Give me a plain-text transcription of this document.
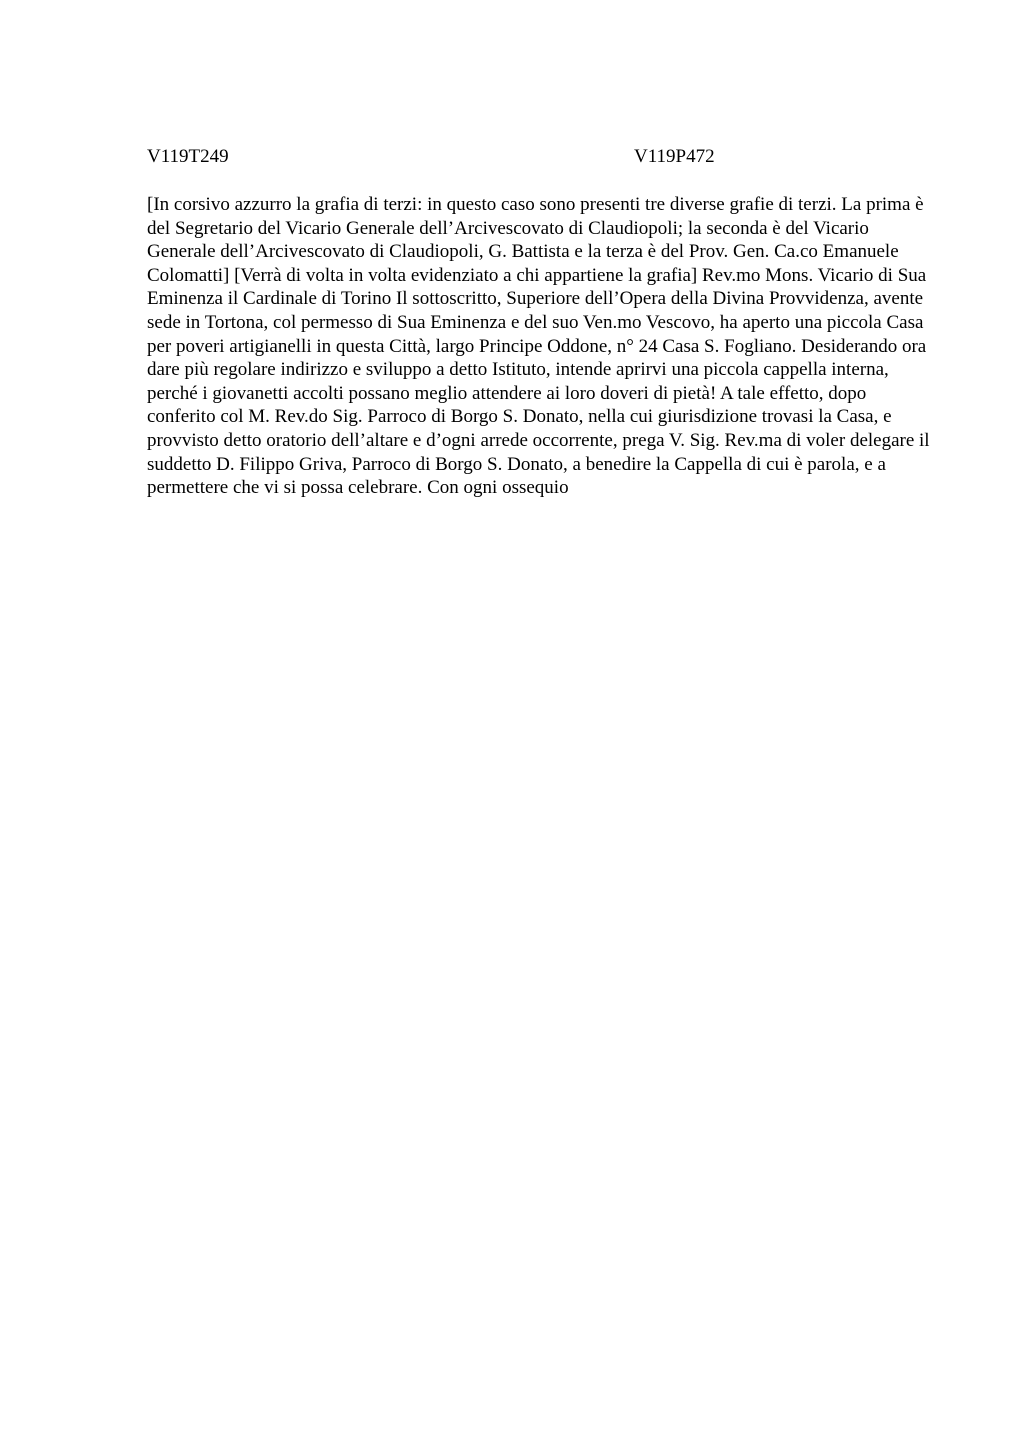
V119T249	V119P472

[In corsivo azzurro la grafia di terzi: in questo caso sono presenti tre diverse grafie di terzi. La prima è del Segretario del Vicario Generale dell’Arcivescovato di Claudiopoli; la seconda è del Vicario Generale dell’Arcivescovato di Claudiopoli, G. Battista e la terza è del Prov. Gen. Ca.co Emanuele Colomatti] [Verrà di volta in volta evidenziato a chi appartiene la grafia] Rev.mo Mons. Vicario di Sua Eminenza il Cardinale di Torino Il sottoscritto, Superiore dell’Opera della Divina Provvidenza, avente sede in Tortona, col permesso di Sua Eminenza e del suo Ven.mo Vescovo, ha aperto una piccola Casa per poveri artigianelli in questa Città, largo Principe Oddone, n° 24 Casa S. Fogliano. Desiderando ora dare più regolare indirizzo e sviluppo a detto Istituto, intende aprirvi una piccola cappella interna, perché i giovanetti accolti possano meglio attendere ai loro doveri di pietà! A tale effetto, dopo conferito col M. Rev.do Sig. Parroco di Borgo S. Donato, nella cui giurisdizione trovasi la Casa, e provvisto detto oratorio dell’altare e d’ogni arrede occorrente, prega V. Sig. Rev.ma di voler delegare il suddetto D. Filippo Griva, Parroco di Borgo S. Donato, a benedire la Cappella di cui è parola, e a permettere che vi si possa celebrare. Con ogni ossequio
